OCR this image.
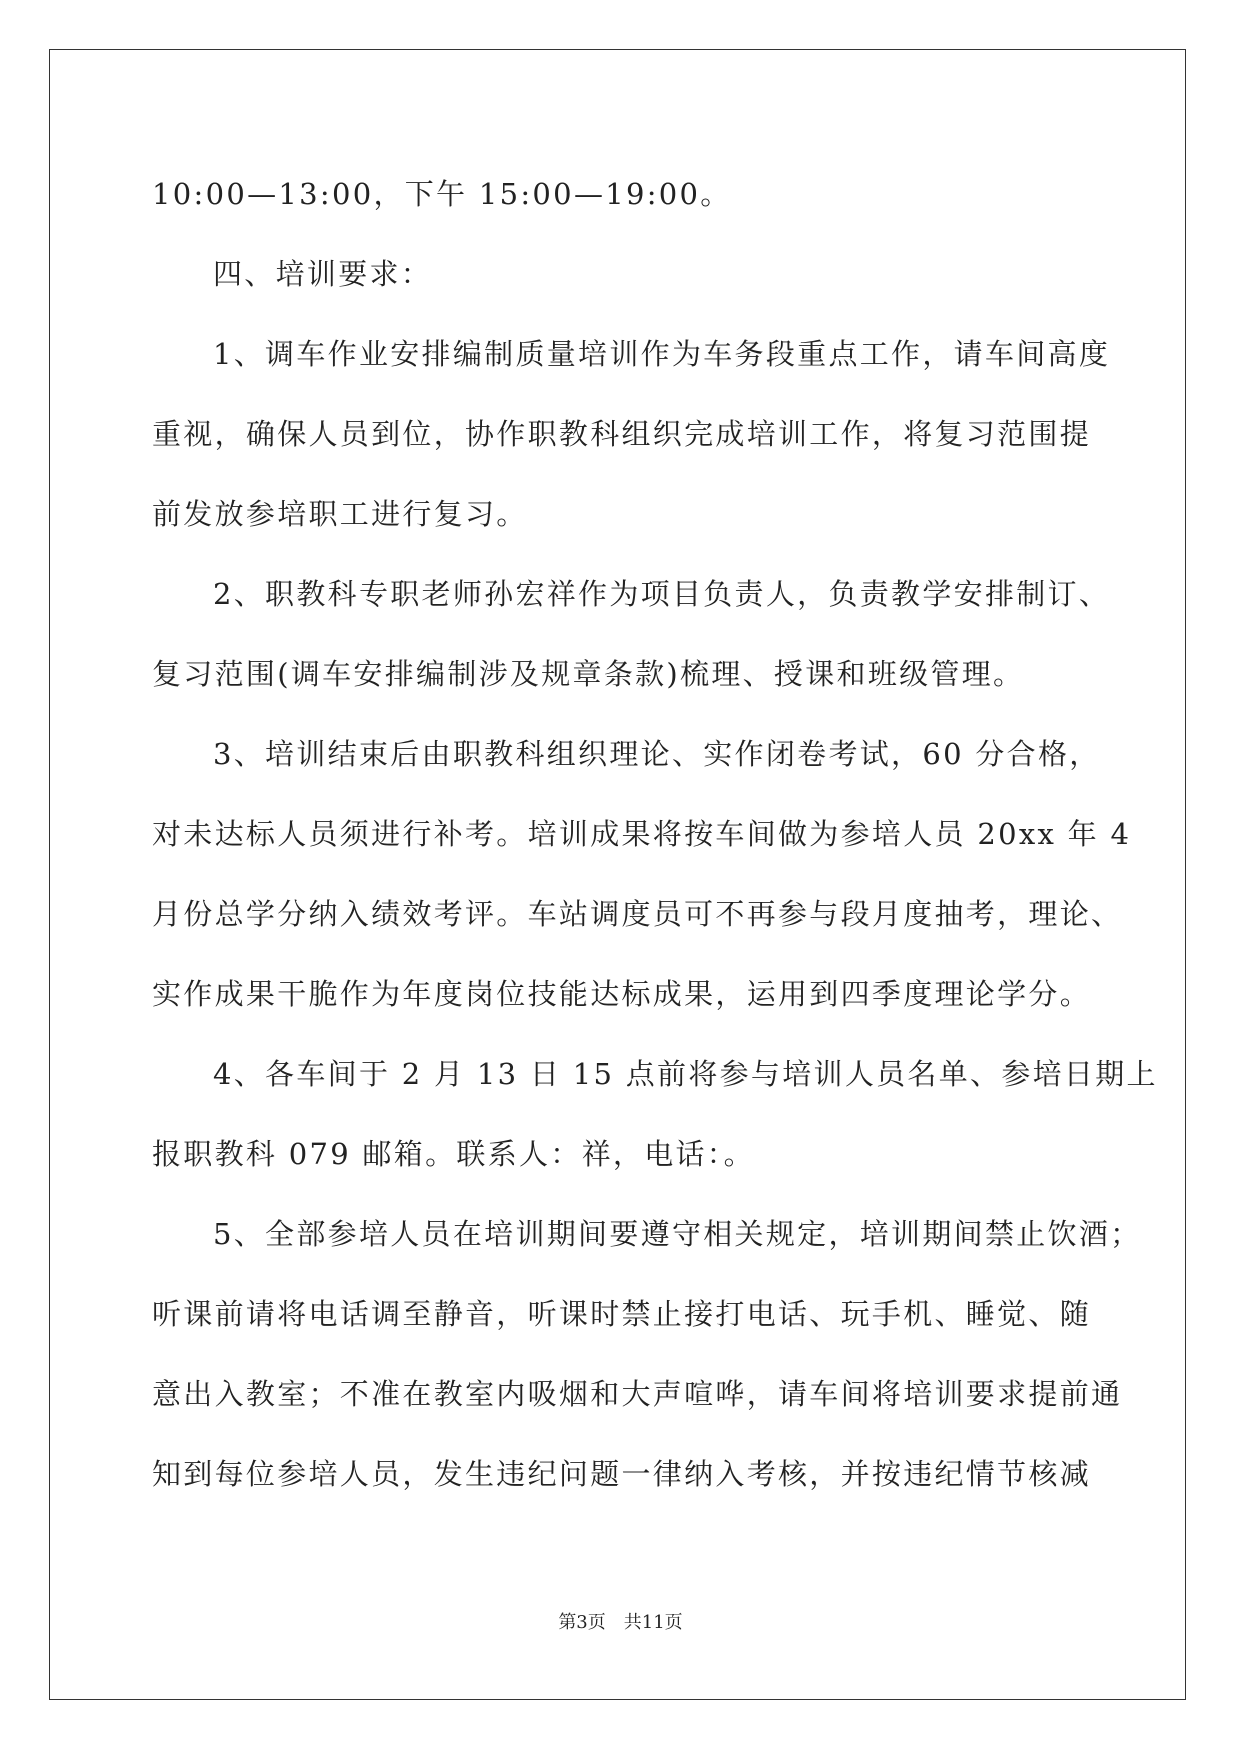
10:00—13:00，下午 15:00—19:00。
四、培训要求：
1、调车作业安排编制质量培训作为车务段重点工作，请车间高度
重视，确保人员到位，协作职教科组织完成培训工作，将复习范围提
前发放参培职工进行复习。
2、职教科专职老师孙宏祥作为项目负责人，负责教学安排制订、
复习范围(调车安排编制涉及规章条款)梳理、授课和班级管理。
3、培训结束后由职教科组织理论、实作闭卷考试，60 分合格，
对未达标人员须进行补考。培训成果将按车间做为参培人员 20xx 年 4
月份总学分纳入绩效考评。车站调度员可不再参与段月度抽考，理论、
实作成果干脆作为年度岗位技能达标成果，运用到四季度理论学分。
4、各车间于 2 月 13 日 15 点前将参与培训人员名单、参培日期上
报职教科 079 邮箱。联系人：祥，电话：。
5、全部参培人员在培训期间要遵守相关规定，培训期间禁止饮酒；
听课前请将电话调至静音，听课时禁止接打电话、玩手机、睡觉、随
意出入教室；不准在教室内吸烟和大声喧哗，请车间将培训要求提前通
知到每位参培人员，发生违纪问题一律纳入考核，并按违纪情节核减
第3页 共11页
